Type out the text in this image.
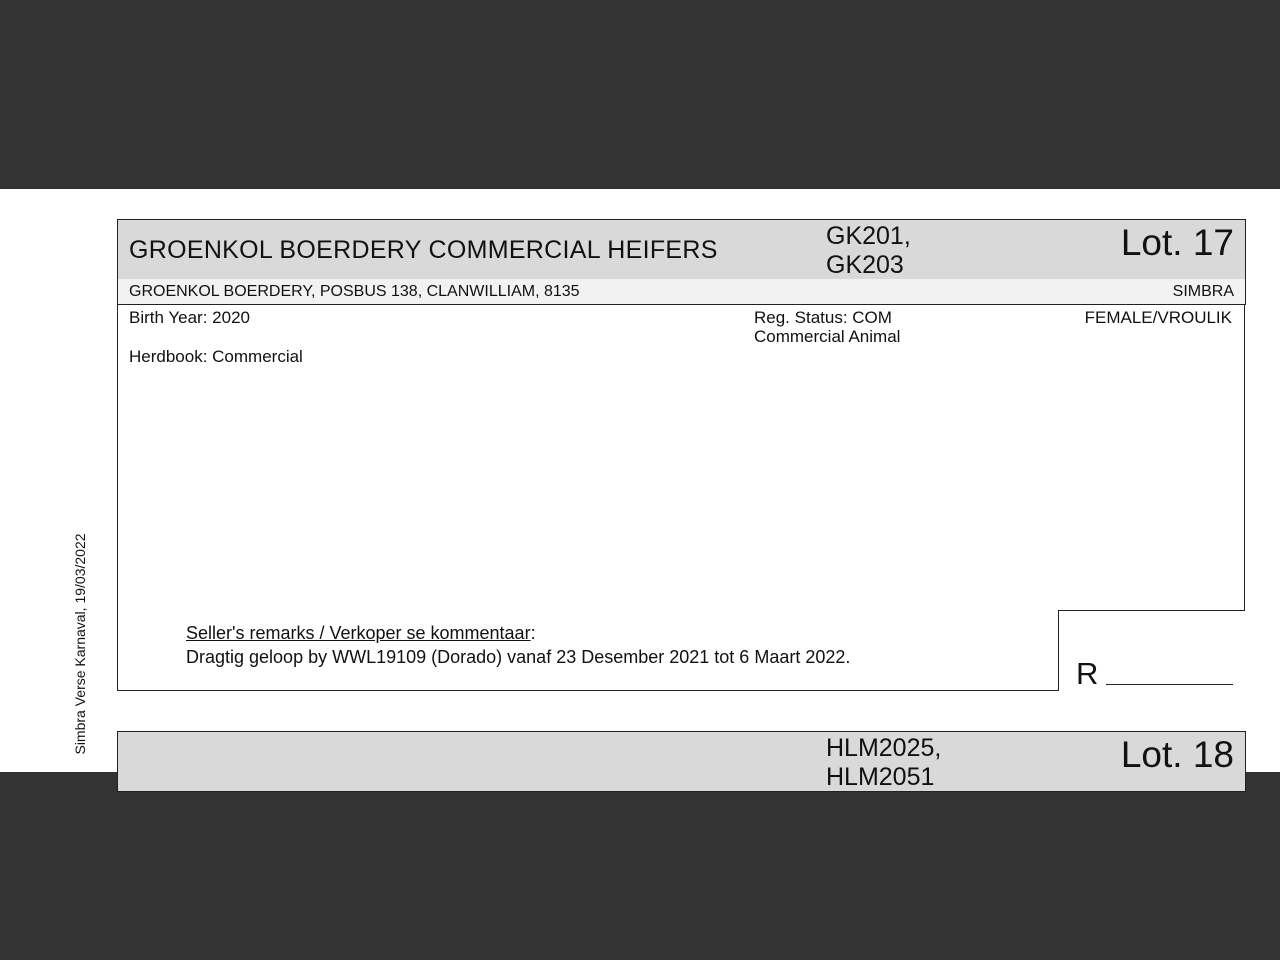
Simbra Verse Karnaval, 19/03/2022
GROENKOL BOERDERY COMMERCIAL HEIFERS	GK201,
GK203
Lot. 17
GROENKOL BOERDERY, POSBUS 138, CLANWILLIAM, 8135	SIMBRA
Birth Year: 2020
Herdbook: Commercial
Reg. Status: COM
Commercial Animal
FEMALE/VROULIK
Seller's remarks / Verkoper se kommentaar:
Dragtig geloop by WWL19109 (Dorado) vanaf 23 Desember 2021 tot 6 Maart 2022.	R
HLM2025,
HLM2051
Lot. 18
